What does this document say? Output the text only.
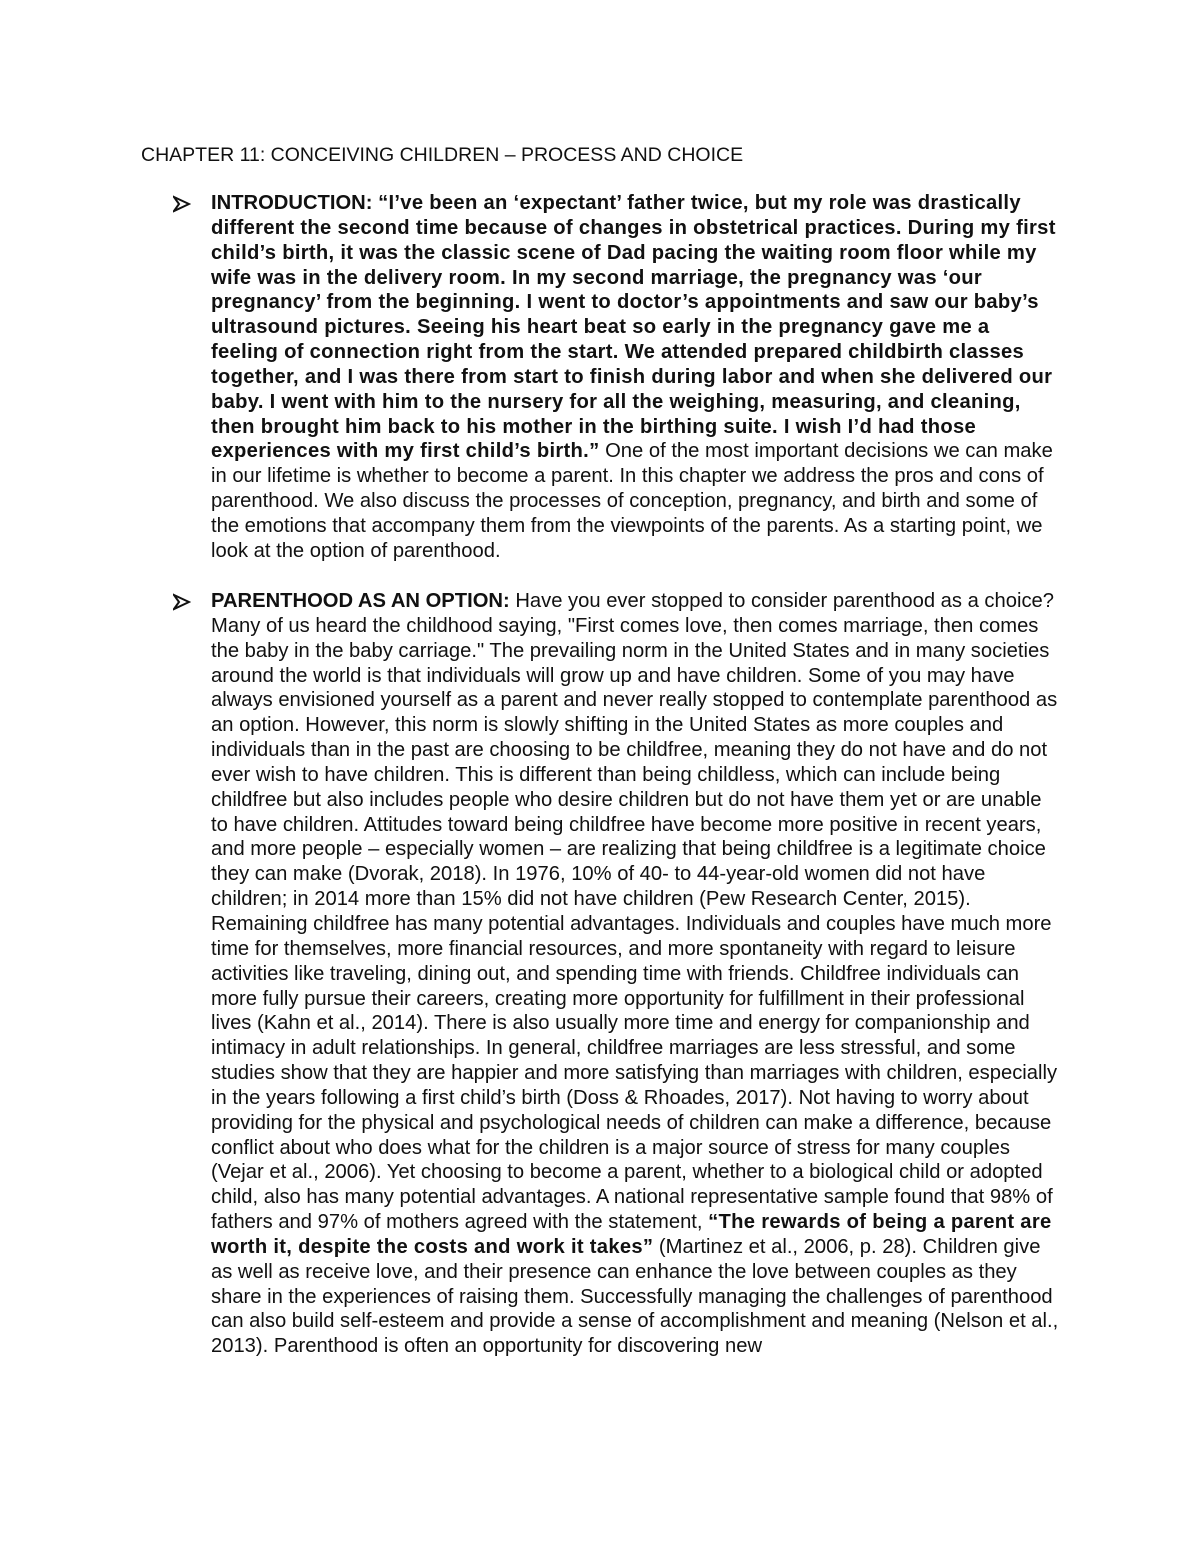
CHAPTER 11: CONCEIVING CHILDREN – PROCESS AND CHOICE

INTRODUCTION: “I’ve been an ‘expectant’ father twice, but my role was drastically different the second time because of changes in obstetrical practices. During my first child’s birth, it was the classic scene of Dad pacing the waiting room floor while my wife was in the delivery room. In my second marriage, the pregnancy was ‘our pregnancy’ from the beginning. I went to doctor’s appointments and saw our baby’s ultrasound pictures. Seeing his heart beat so early in the pregnancy gave me a feeling of connection right from the start. We attended prepared childbirth classes together, and I was there from start to finish during labor and when she delivered our baby. I went with him to the nursery for all the weighing, measuring, and cleaning, then brought him back to his mother in the birthing suite. I wish I’d had those experiences with my first child’s birth.” One of the most important decisions we can make in our lifetime is whether to become a parent. In this chapter we address the pros and cons of parenthood. We also discuss the processes of conception, pregnancy, and birth and some of the emotions that accompany them from the viewpoints of the parents. As a starting point, we look at the option of parenthood.

PARENTHOOD AS AN OPTION: Have you ever stopped to consider parenthood as a choice? Many of us heard the childhood saying, "First comes love, then comes marriage, then comes the baby in the baby carriage." The prevailing norm in the United States and in many societies around the world is that individuals will grow up and have children. Some of you may have always envisioned yourself as a parent and never really stopped to contemplate parenthood as an option. However, this norm is slowly shifting in the United States as more couples and individuals than in the past are choosing to be childfree, meaning they do not have and do not ever wish to have children. This is different than being childless, which can include being childfree but also includes people who desire children but do not have them yet or are unable to have children. Attitudes toward being childfree have become more positive in recent years, and more people – especially women – are realizing that being childfree is a legitimate choice they can make (Dvorak, 2018). In 1976, 10% of 40- to 44-year-old women did not have children; in 2014 more than 15% did not have children (Pew Research Center, 2015). Remaining childfree has many potential advantages. Individuals and couples have much more time for themselves, more financial resources, and more spontaneity with regard to leisure activities like traveling, dining out, and spending time with friends. Childfree individuals can more fully pursue their careers, creating more opportunity for fulfillment in their professional lives (Kahn et al., 2014). There is also usually more time and energy for companionship and intimacy in adult relationships. In general, childfree marriages are less stressful, and some studies show that they are happier and more satisfying than marriages with children, especially in the years following a first child’s birth (Doss & Rhoades, 2017). Not having to worry about providing for the physical and psychological needs of children can make a difference, because conflict about who does what for the children is a major source of stress for many couples (Vejar et al., 2006). Yet choosing to become a parent, whether to a biological child or adopted child, also has many potential advantages. A national representative sample found that 98% of fathers and 97% of mothers agreed with the statement, “The rewards of being a parent are worth it, despite the costs and work it takes” (Martinez et al., 2006, p. 28). Children give as well as receive love, and their presence can enhance the love between couples as they share in the experiences of raising them. Successfully managing the challenges of parenthood can also build self-esteem and provide a sense of accomplishment and meaning (Nelson et al., 2013). Parenthood is often an opportunity for discovering new
